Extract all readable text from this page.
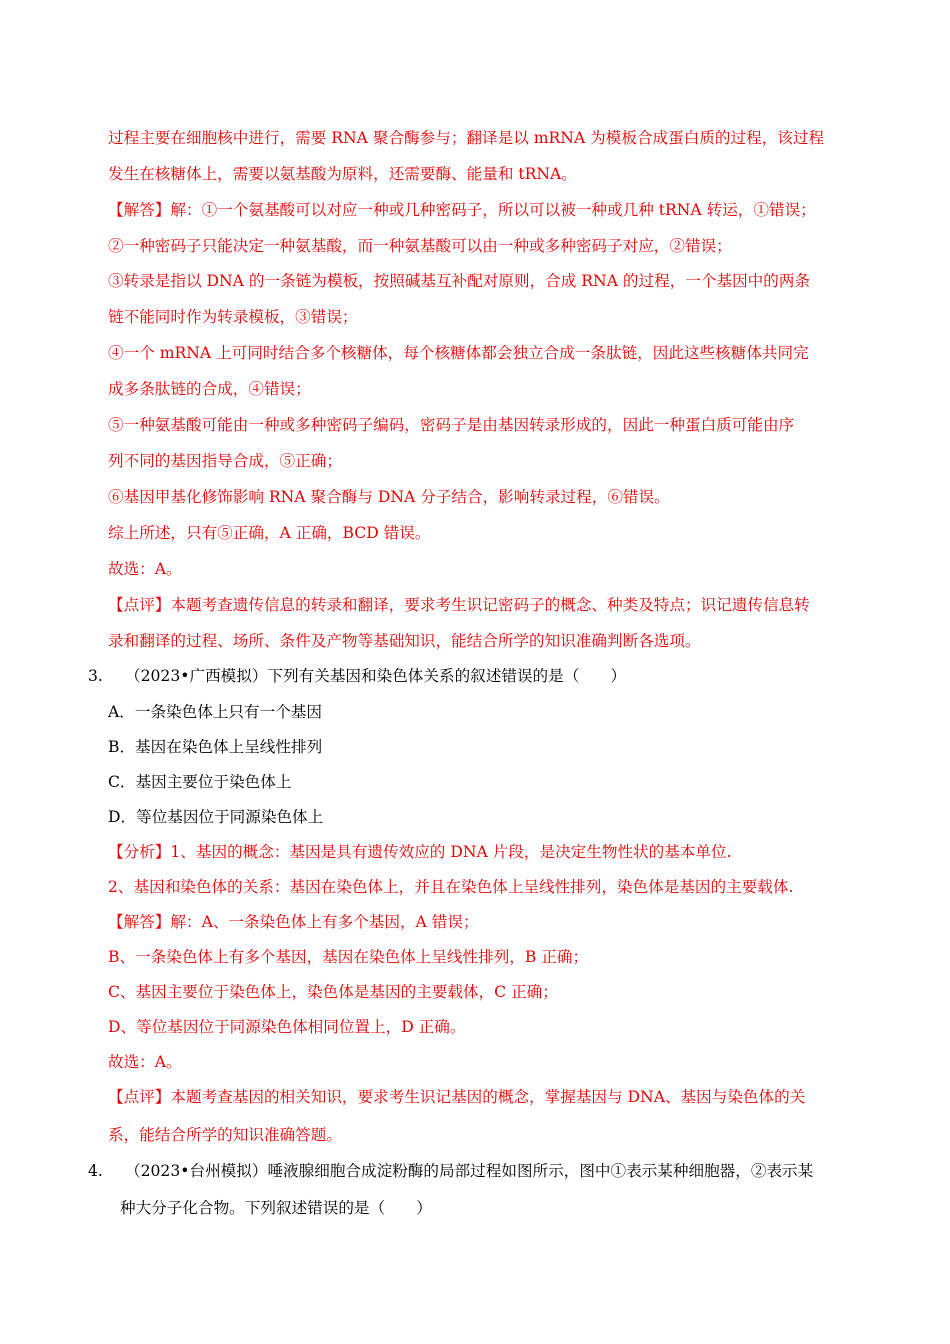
过程主要在细胞核中进行，需要 RNA 聚合酶参与；翻译是以 mRNA 为模板合成蛋白质的过程，该过程
发生在核糖体上，需要以氨基酸为原料，还需要酶、能量和 tRNA。
【解答】解：①一个氨基酸可以对应一种或几种密码子，所以可以被一种或几种 tRNA 转运，①错误；
②一种密码子只能决定一种氨基酸，而一种氨基酸可以由一种或多种密码子对应，②错误；
③转录是指以 DNA 的一条链为模板，按照碱基互补配对原则，合成 RNA 的过程，一个基因中的两条
链不能同时作为转录模板，③错误；
④一个 mRNA 上可同时结合多个核糖体，每个核糖体都会独立合成一条肽链，因此这些核糖体共同完
成多条肽链的合成，④错误；
⑤一种氨基酸可能由一种或多种密码子编码，密码子是由基因转录形成的，因此一种蛋白质可能由序
列不同的基因指导合成，⑤正确；
⑥基因甲基化修饰影响 RNA 聚合酶与 DNA 分子结合，影响转录过程，⑥错误。
综上所述，只有⑤正确，A 正确，BCD 错误。
故选：A。
【点评】本题考查遗传信息的转录和翻译，要求考生识记密码子的概念、种类及特点；识记遗传信息转
录和翻译的过程、场所、条件及产物等基础知识，能结合所学的知识准确判断各选项。
3. （2023•广西模拟）下列有关基因和染色体关系的叙述错误的是（　　）
A．一条染色体上只有一个基因
B．基因在染色体上呈线性排列
C．基因主要位于染色体上
D．等位基因位于同源染色体上
【分析】1、基因的概念：基因是具有遗传效应的 DNA 片段，是决定生物性状的基本单位.
2、基因和染色体的关系：基因在染色体上，并且在染色体上呈线性排列，染色体是基因的主要载体.
【解答】解：A、一条染色体上有多个基因，A 错误；
B、一条染色体上有多个基因，基因在染色体上呈线性排列，B 正确；
C、基因主要位于染色体上，染色体是基因的主要载体，C 正确；
D、等位基因位于同源染色体相同位置上，D 正确。
故选：A。
【点评】本题考查基因的相关知识，要求考生识记基因的概念，掌握基因与 DNA、基因与染色体的关
系，能结合所学的知识准确答题。
4. （2023•台州模拟）唾液腺细胞合成淀粉酶的局部过程如图所示，图中①表示某种细胞器，②表示某
种大分子化合物。下列叙述错误的是（　　）
